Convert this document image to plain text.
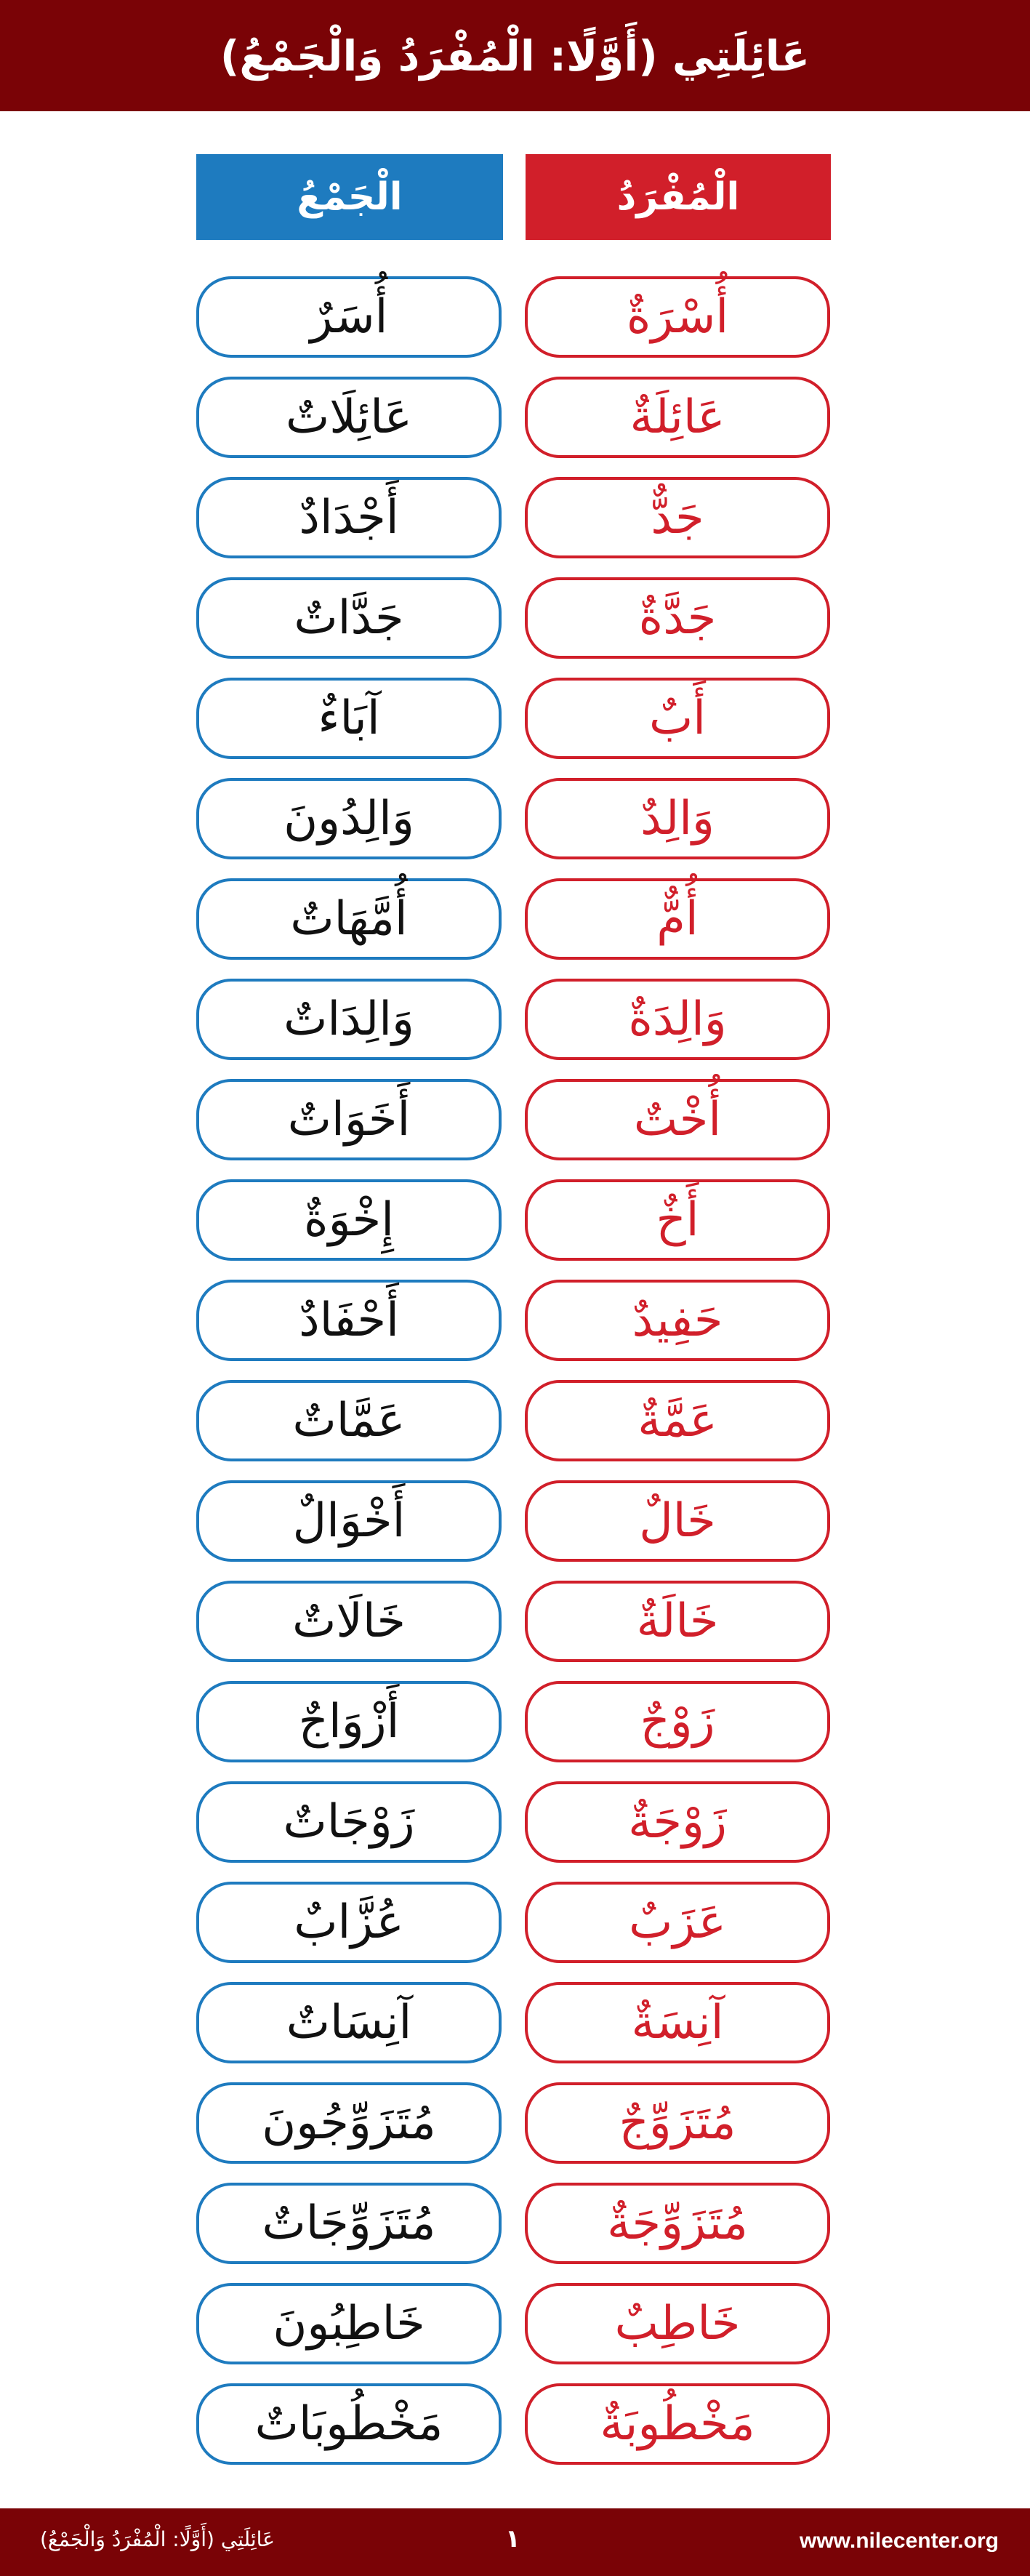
عَائِلَتِي (أَوَّلًا: الْمُفْرَدُ وَالْجَمْعُ)
الْمُفْرَدُ
الْجَمْعُ
أُسْرَةٌ
أُسَرٌ
عَائِلَةٌ
عَائِلَاتٌ
جَدٌّ
أَجْدَادٌ
جَدَّةٌ
جَدَّاتٌ
أَبٌ
آبَاءٌ
وَالِدٌ
وَالِدُونَ
أُمٌّ
أُمَّهَاتٌ
وَالِدَةٌ
وَالِدَاتٌ
أُخْتٌ
أَخَوَاتٌ
أَخٌ
إِخْوَةٌ
حَفِيدٌ
أَحْفَادٌ
عَمَّةٌ
عَمَّاتٌ
خَالٌ
أَخْوَالٌ
خَالَةٌ
خَالَاتٌ
زَوْجٌ
أَزْوَاجٌ
زَوْجَةٌ
زَوْجَاتٌ
عَزَبٌ
عُزَّابٌ
آنِسَةٌ
آنِسَاتٌ
مُتَزَوِّجٌ
مُتَزَوِّجُونَ
مُتَزَوِّجَةٌ
مُتَزَوِّجَاتٌ
خَاطِبٌ
خَاطِبُونَ
مَخْطُوبَةٌ
مَخْطُوبَاتٌ
عَائِلَتِي (أَوَّلًا: الْمُفْرَدُ وَالْجَمْعُ)	١	www.nilecenter.org
